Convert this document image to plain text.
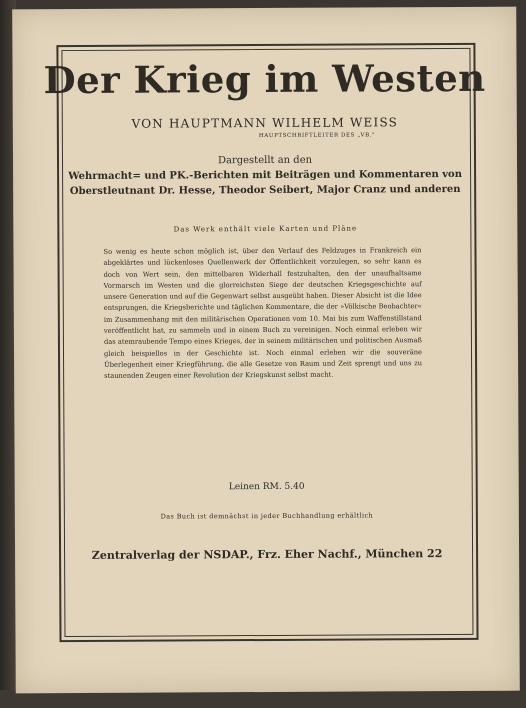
Der Krieg im Westen
VON HAUPTMANN WILHELM WEISS
HAUPTSCHRIFTLEITER DES „VB."
Dargestellt an den
Wehrmacht= und PK.-Berichten mit Beiträgen und Kommentaren von
Oberstleutnant Dr. Hesse, Theodor Seibert, Major Cranz und anderen
Das Werk enthält viele Karten und Pläne
So wenig es heute schon möglich ist, über den Verlauf des Feldzuges in Frankreich ein abgeklärtes und lückenloses Quellenwerk der Öffentlichkeit vorzulegen, so sehr kann es doch von Wert sein, den mittelbaren Widerhall festzuhalten, den der unaufhaltsame Vormarsch im Westen und die glorreichsten Siege der deutschen Kriegsgeschichte auf unsere Generation und auf die Gegenwart selbst ausgeübt haben. Dieser Absicht ist die Idee entsprungen, die Kriegsberichte und täglichen Kommentare, die der »Völkische Beobachter« im Zusammenhang mit den militärischen Operationen vom 10. Mai bis zum Waffenstillstand veröffentlicht hat, zu sammeln und in einem Buch zu vereinigen. Noch einmal erleben wir das atemraubende Tempo eines Krieges, der in seinem militärischen und politischen Ausmaß gleich beispiellos in der Geschichte ist. Noch einmal erleben wir die souveräne Überlegenheit einer Kriegführung, die alle Gesetze von Raum und Zeit sprengt und uns zu staunenden Zeugen einer Revolution der Kriegskunst selbst macht.
Leinen RM. 5.40
Das Buch ist demnächst in jeder Buchhandlung erhältlich
Zentralverlag der NSDAP., Frz. Eher Nachf., München 22
